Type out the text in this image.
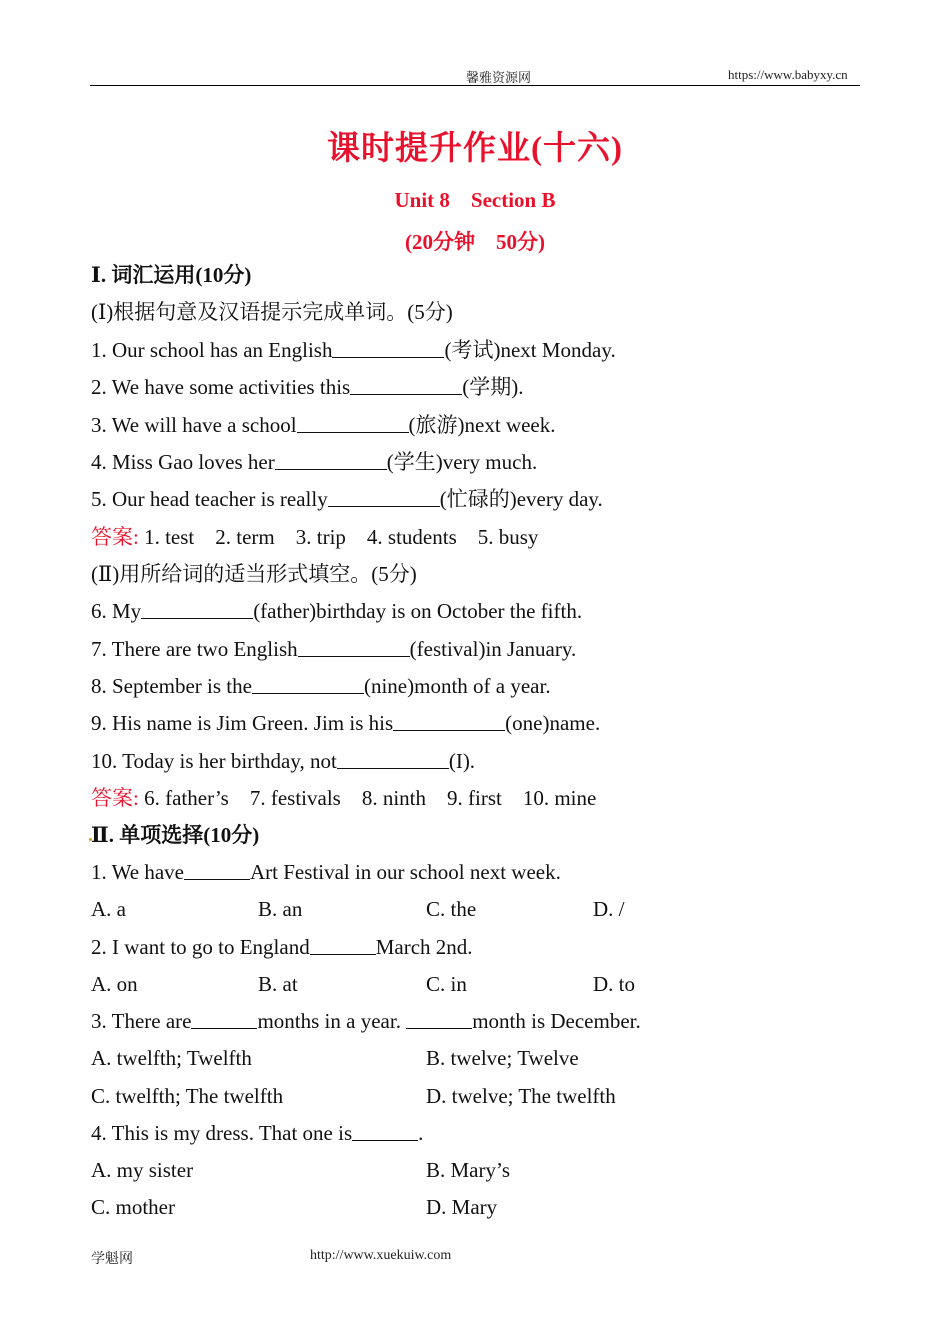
馨雅资源网	https://www.babyxy.cn
课时提升作业(十六)
Unit 8    Section B
(20分钟    50分)
Ⅰ. 词汇运用(10分)
(Ⅰ)根据句意及汉语提示完成单词。(5分)
1. Our school has an English	(考试)next Monday.
2. We have some activities this	(学期).
3. We will have a school	(旅游)next week.
4. Miss Gao loves her	(学生)very much.
5. Our head teacher is really	(忙碌的)every day.
答案: 1. test    2. term    3. trip    4. students    5. busy
(Ⅱ)用所给词的适当形式填空。(5分)
6. My	(father)birthday is on October the fifth.
7. There are two English	(festival)in January.
8. September is the	(nine)month of a year.
9. His name is Jim Green. Jim is his	(one)name.
10. Today is her birthday, not	(I).
答案: 6. father’s    7. festivals    8. ninth    9. first    10. mine
Ⅱ. 单项选择(10分)
1. We have	Art Festival in our school next week.
A. a	B. an	C. the	D. /
2. I want to go to England	March 2nd.
A. on	B. at	C. in	D. to
3. There are	months in a year.	month is December.
A. twelfth; Twelfth	B. twelve; Twelve
C. twelfth; The twelfth	D. twelve; The twelfth
4. This is my dress. That one is	.
A. my sister	B. Mary’s
C. mother	D. Mary
学魁网	http://www.xuekuiw.com
